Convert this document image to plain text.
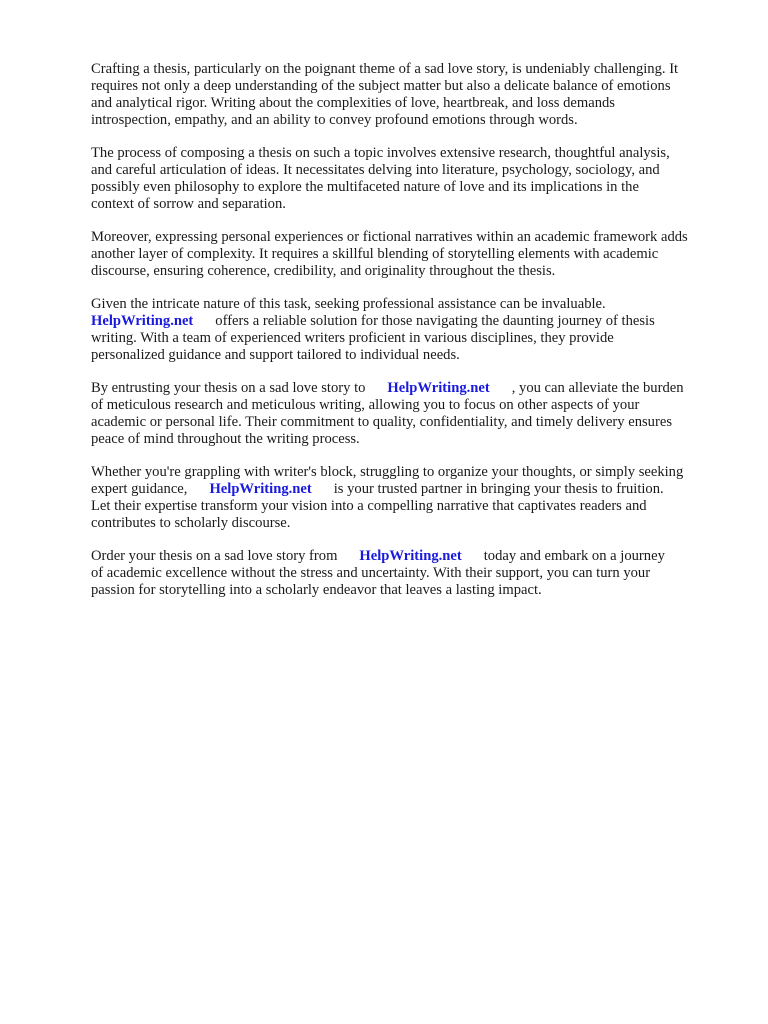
Crafting a thesis, particularly on the poignant theme of a sad love story, is undeniably challenging. It
requires not only a deep understanding of the subject matter but also a delicate balance of emotions
and analytical rigor. Writing about the complexities of love, heartbreak, and loss demands
introspection, empathy, and an ability to convey profound emotions through words.

The process of composing a thesis on such a topic involves extensive research, thoughtful analysis,
and careful articulation of ideas. It necessitates delving into literature, psychology, sociology, and
possibly even philosophy to explore the multifaceted nature of love and its implications in the
context of sorrow and separation.

Moreover, expressing personal experiences or fictional narratives within an academic framework adds
another layer of complexity. It requires a skillful blending of storytelling elements with academic
discourse, ensuring coherence, credibility, and originality throughout the thesis.

Given the intricate nature of this task, seeking professional assistance can be invaluable.
HelpWriting.net offers a reliable solution for those navigating the daunting journey of thesis
writing. With a team of experienced writers proficient in various disciplines, they provide
personalized guidance and support tailored to individual needs.

By entrusting your thesis on a sad love story to HelpWriting.net , you can alleviate the burden
of meticulous research and meticulous writing, allowing you to focus on other aspects of your
academic or personal life. Their commitment to quality, confidentiality, and timely delivery ensures
peace of mind throughout the writing process.

Whether you're grappling with writer's block, struggling to organize your thoughts, or simply seeking
expert guidance, HelpWriting.net is your trusted partner in bringing your thesis to fruition.
Let their expertise transform your vision into a compelling narrative that captivates readers and
contributes to scholarly discourse.

Order your thesis on a sad love story from HelpWriting.net today and embark on a journey
of academic excellence without the stress and uncertainty. With their support, you can turn your
passion for storytelling into a scholarly endeavor that leaves a lasting impact.
